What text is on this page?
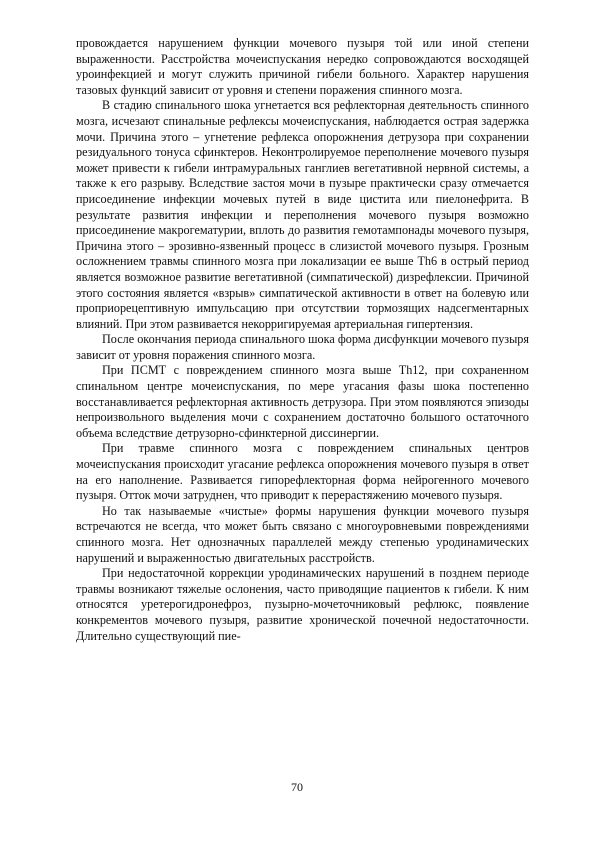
провождается нарушением функции мочевого пузыря той или иной степени выраженности. Расстройства мочеиспускания нередко сопровождаются восходящей уроинфекцией и могут служить причиной гибели больного. Характер нарушения тазовых функций зависит от уровня и степени поражения спинного мозга.

В стадию спинального шока угнетается вся рефлекторная деятельность спинного мозга, исчезают спинальные рефлексы мочеиспускания, наблюдается острая задержка мочи. Причина этого – угнетение рефлекса опорожнения детрузора при сохранении резидуального тонуса сфинктеров. Неконтролируемое переполнение мочевого пузыря может привести к гибели интрамуральных ганглиев вегетативной нервной системы, а также к его разрыву. Вследствие застоя мочи в пузыре практически сразу отмечается присоединение инфекции мочевых путей в виде цистита или пиелонефрита. В результате развития инфекции и переполнения мочевого пузыря возможно присоединение макрогематурии, вплоть до развития гемотампонады мочевого пузыря, Причина этого – эрозивно-язвенный процесс в слизистой мочевого пузыря. Грозным осложнением травмы спинного мозга при локализации ее выше Th6 в острый период является возможное развитие вегетативной (симпатической) дизрефлексии. Причиной этого состояния является «взрыв» симпатической активности в ответ на болевую или проприорецептивную импульсацию при отсутствии тормозящих надсегментарных влияний. При этом развивается некорригируемая артериальная гипертензия.

После окончания периода спинального шока форма дисфункции мочевого пузыря зависит от уровня поражения спинного мозга.

При ПСМТ с повреждением спинного мозга выше Th12, при сохраненном спинальном центре мочеиспускания, по мере угасания фазы шока постепенно восстанавливается рефлекторная активность детрузора. При этом появляются эпизоды непроизвольного выделения мочи с сохранением достаточно большого остаточного объема вследствие детрузорно-сфинктерной диссинергии.

При травме спинного мозга с повреждением спинальных центров мочеиспускания происходит угасание рефлекса опорожнения мочевого пузыря в ответ на его наполнение. Развивается гипорефлекторная форма нейрогенного мочевого пузыря. Отток мочи затруднен, что приводит к перерастяжению мочевого пузыря.

Но так называемые «чистые» формы нарушения функции мочевого пузыря встречаются не всегда, что может быть связано с многоуровневыми повреждениями спинного мозга. Нет однозначных параллелей между степенью уродинамических нарушений и выраженностью двигательных расстройств.

При недостаточной коррекции уродинамических нарушений в позднем периоде травмы возникают тяжелые ослонения, часто приводящие пациентов к гибели. К ним относятся уретерогидронефроз, пузырно-мочеточниковый рефлюкс, появление конкрементов мочевого пузыря, развитие хронической почечной недостаточности. Длительно существующий пие-

70
